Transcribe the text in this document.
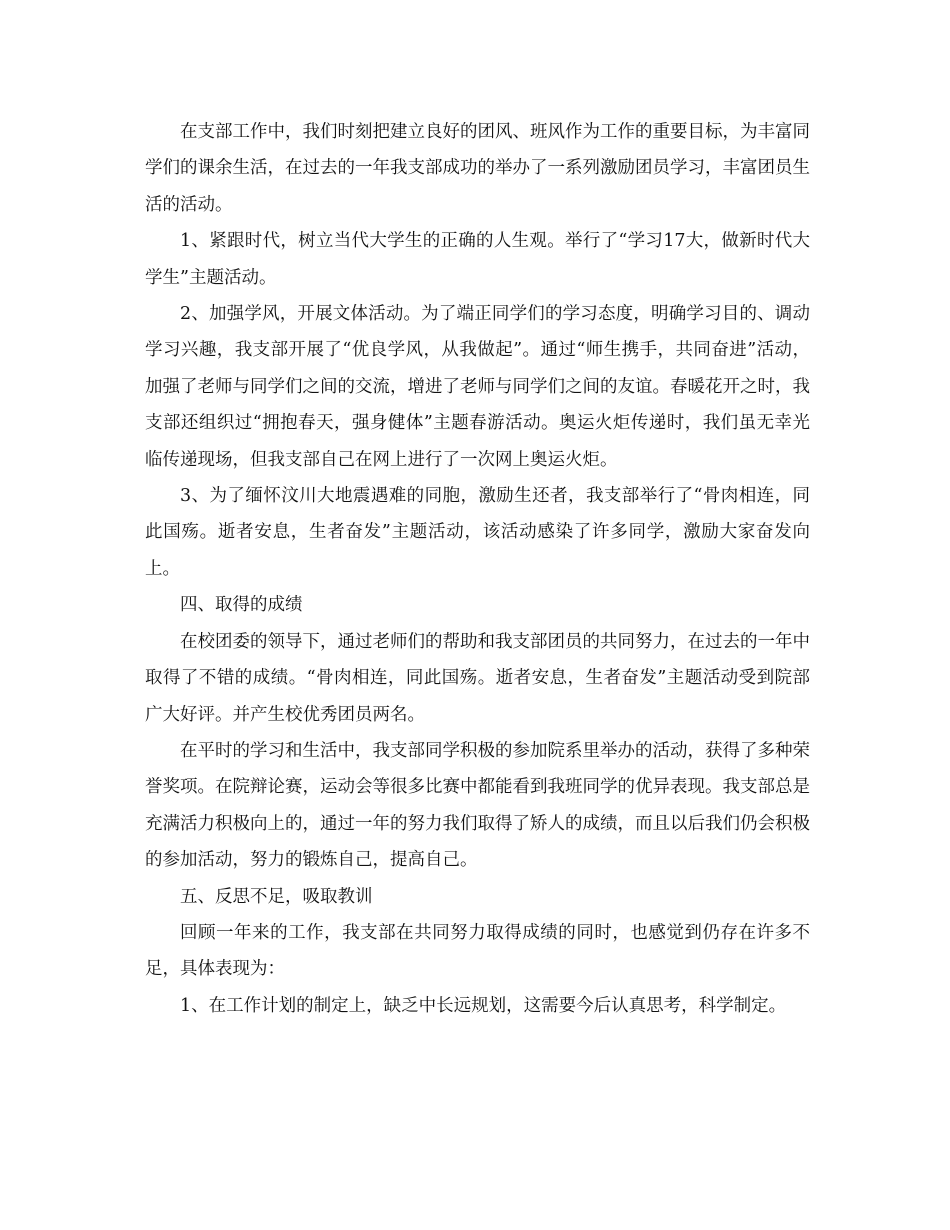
在支部工作中，我们时刻把建立良好的团风、班风作为工作的重要目标，为丰富同学们的课余生活，在过去的一年我支部成功的举办了一系列激励团员学习，丰富团员生活的活动。

1、紧跟时代，树立当代大学生的正确的人生观。举行了“学习17大，做新时代大学生”主题活动。

2、加强学风，开展文体活动。为了端正同学们的学习态度，明确学习目的、调动学习兴趣，我支部开展了“优良学风，从我做起”。通过“师生携手，共同奋进”活动，加强了老师与同学们之间的交流，增进了老师与同学们之间的友谊。春暖花开之时，我支部还组织过“拥抱春天，强身健体”主题春游活动。奥运火炬传递时，我们虽无幸光临传递现场，但我支部自己在网上进行了一次网上奥运火炬。

3、为了缅怀汶川大地震遇难的同胞，激励生还者，我支部举行了“骨肉相连，同此国殇。逝者安息，生者奋发”主题活动，该活动感染了许多同学，激励大家奋发向上。

四、取得的成绩

在校团委的领导下，通过老师们的帮助和我支部团员的共同努力，在过去的一年中取得了不错的成绩。“骨肉相连，同此国殇。逝者安息，生者奋发”主题活动受到院部广大好评。并产生校优秀团员两名。

在平时的学习和生活中，我支部同学积极的参加院系里举办的活动，获得了多种荣誉奖项。在院辩论赛，运动会等很多比赛中都能看到我班同学的优异表现。我支部总是充满活力积极向上的，通过一年的努力我们取得了矫人的成绩，而且以后我们仍会积极的参加活动，努力的锻炼自己，提高自己。

五、反思不足，吸取教训

回顾一年来的工作，我支部在共同努力取得成绩的同时，也感觉到仍存在许多不足，具体表现为：

1、在工作计划的制定上，缺乏中长远规划，这需要今后认真思考，科学制定。
